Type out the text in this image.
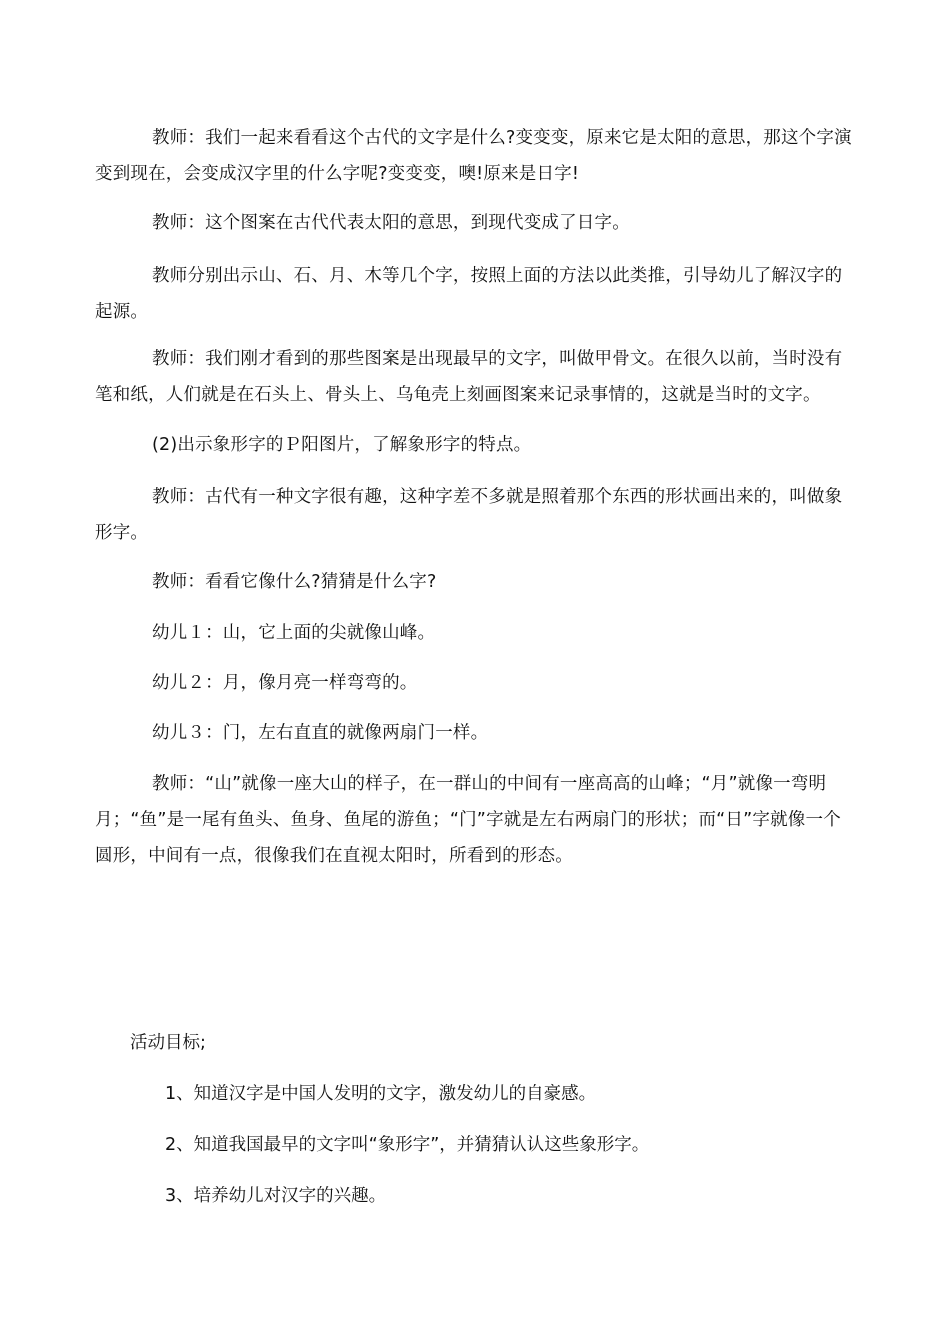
教师：我们一起来看看这个古代的文字是什么?变变变，原来它是太阳的意思，那这个字演变到现在，会变成汉字里的什么字呢?变变变，噢!原来是日字!

教师：这个图案在古代代表太阳的意思，到现代变成了日字。

教师分别出示山、石、月、木等几个字，按照上面的方法以此类推，引导幼儿了解汉字的起源。

教师：我们刚才看到的那些图案是出现最早的文字，叫做甲骨文。在很久以前，当时没有笔和纸，人们就是在石头上、骨头上、乌龟壳上刻画图案来记录事情的，这就是当时的文字。

(2)出示象形字的Ｐ阳图片，了解象形字的特点。

教师：古代有一种文字很有趣，这种字差不多就是照着那个东西的形状画出来的，叫做象形字。

教师：看看它像什么?猜猜是什么字?

幼儿１：山，它上面的尖就像山峰。

幼儿２：月，像月亮一样弯弯的。

幼儿３：门，左右直直的就像两扇门一样。

教师：“山”就像一座大山的样子，在一群山的中间有一座高高的山峰；“月”就像一弯明月；“鱼”是一尾有鱼头、鱼身、鱼尾的游鱼；“门”字就是左右两扇门的形状；而“日”字就像一个圆形，中间有一点，很像我们在直视太阳时，所看到的形态。

活动目标;

1、知道汉字是中国人发明的文字，激发幼儿的自豪感。

2、知道我国最早的文字叫“象形字”，并猜猜认认这些象形字。

3、培养幼儿对汉字的兴趣。
